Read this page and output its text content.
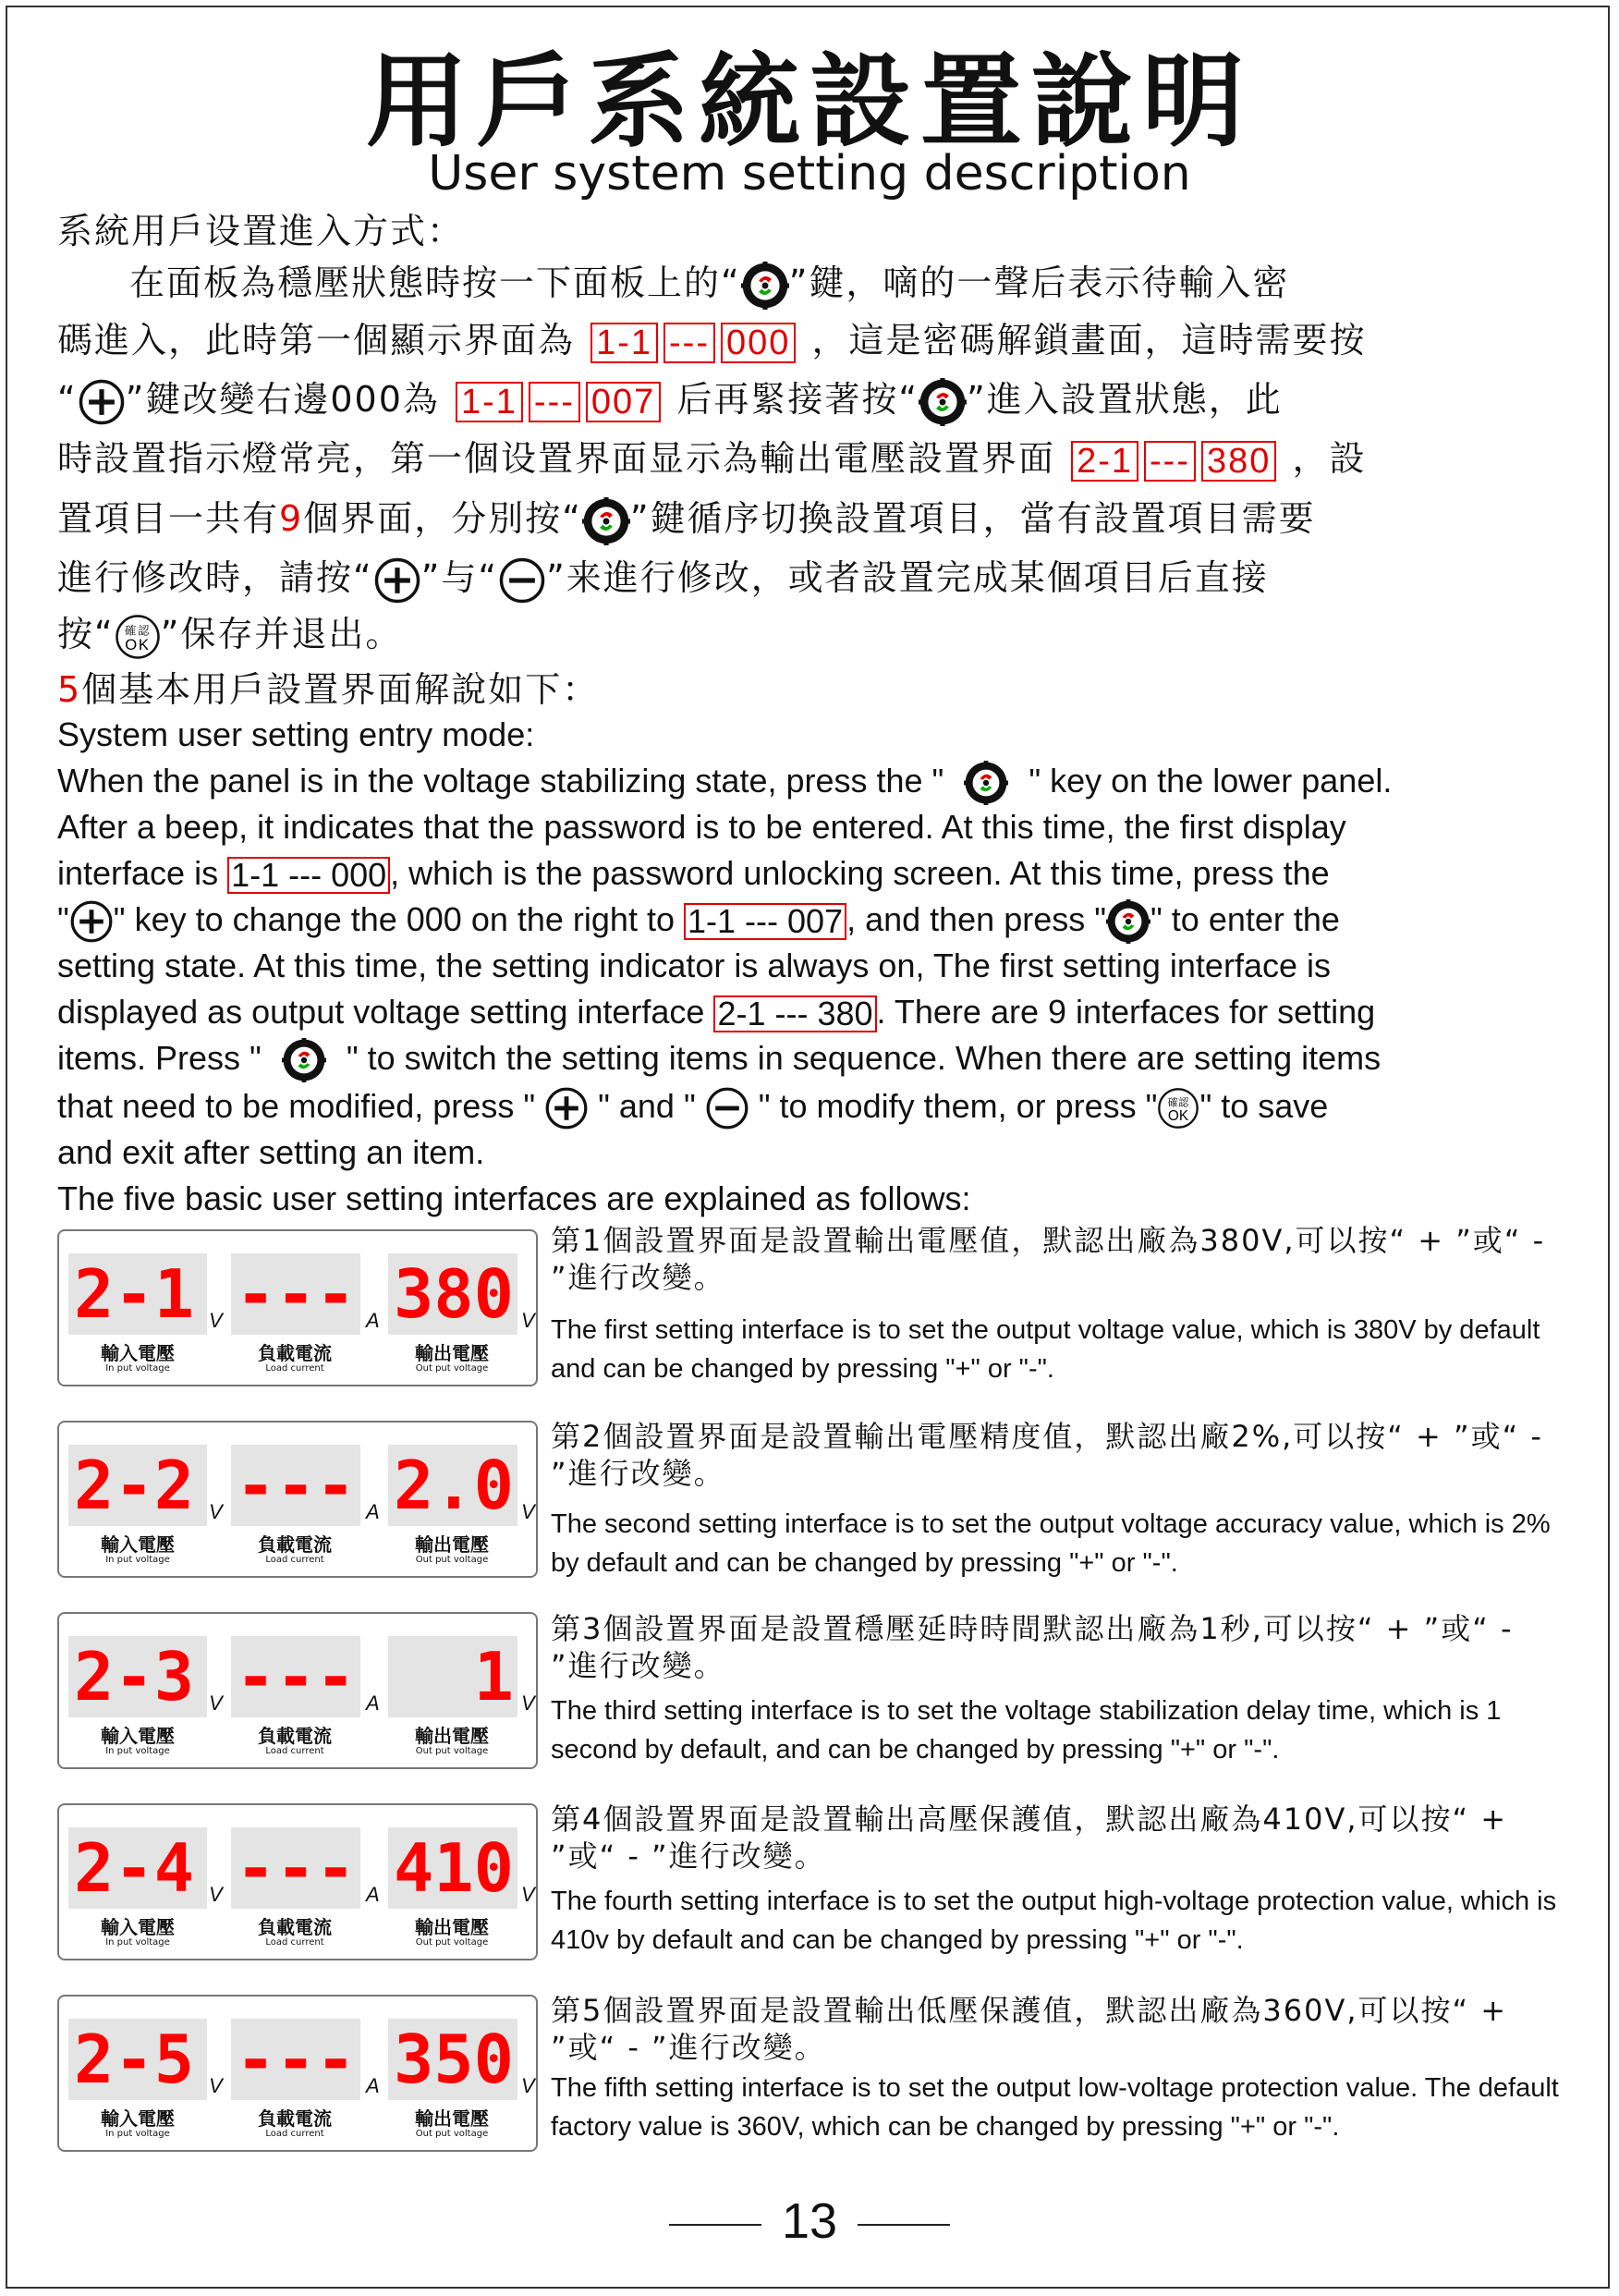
用戶系統設置說明
User system setting description
系統用戶设置進入方式：
在面板為穩壓狀態時按一下面板上的“ ”鍵，嘀的一聲后表示待輸入密
碼進入，此時第一個顯示界面為 1-1 --- 000 ，這是密碼解鎖畫面，這時需要按
“ ”鍵改變右邊000為 1-1 --- 007 后再緊接著按“ ”進入設置狀態，此
時設置指示燈常亮，第一個设置界面显示為輸出電壓設置界面 2-1 --- 380 ，設
置項目一共有9個界面，分別按“ ”鍵循序切換設置項目，當有設置項目需要
進行修改時，請按“ ”与“ ”来進行修改，或者設置完成某個項目后直接
按“ 確認
OK ”保存并退出。
5個基本用戶設置界面解說如下：
System user setting entry mode:
When the panel is in the voltage stabilizing state, press the "	" key on the lower panel.
After a beep, it indicates that the password is to be entered. At this time, the first display
interface is 1-1 --- 000 , which is the password unlocking screen. At this time, press the
" " key to change the 000 on the right to 1-1 --- 007 , and then press " " to enter the
setting state. At this time, the setting indicator is always on, The first setting interface is
displayed as output voltage setting interface 2-1 --- 380 . There are 9 interfaces for setting
items. Press "	" to switch the setting items in sequence. When there are setting items
that need to be modified, press " " and " " to modify them, or press " 確認
OK " to save
and exit after setting an item.
The five basic user setting interfaces are explained as follows:
2-1 --- 380
V	A	V
輸入電壓	負載電流	輸出電壓
In put voltage	Load current	Out put voltage
第1個設置界面是設置輸出電壓值，默認出廠為380V,可以按“ + ”或“ - ”進行改變。
The first setting interface is to set the output voltage value, which is 380V by default and can be changed by pressing "+" or "-".
2-2 --- 2.0
V	A	V
輸入電壓	負載電流	輸出電壓
In put voltage	Load current	Out put voltage
第2個設置界面是設置輸出電壓精度值，默認出廠2%,可以按“ + ”或“ - ”進行改變。
The second setting interface is to set the output voltage accuracy value, which is 2% by default and can be changed by pressing "+" or "-".
2-3 ---	1
V	A	V
輸入電壓	負載電流	輸出電壓
In put voltage	Load current	Out put voltage
第3個設置界面是設置穩壓延時時間默認出廠為1秒,可以按“ + ”或“ - ”進行改變。
The third setting interface is to set the voltage stabilization delay time, which is 1 second by default, and can be changed by pressing "+" or "-".
2-4 --- 410
V	A	V
輸入電壓	負載電流	輸出電壓
In put voltage	Load current	Out put voltage
第4個設置界面是設置輸出高壓保護值，默認出廠為410V,可以按“ + ”或“ - ”進行改變。
The fourth setting interface is to set the output high-voltage protection value, which is 410v by default and can be changed by pressing "+" or "-".
2-5 --- 350
V	A	V
輸入電壓	負載電流	輸出電壓
In put voltage	Load current	Out put voltage
第5個設置界面是設置輸出低壓保護值，默認出廠為360V,可以按“ + ”或“ - ”進行改變。
The fifth setting interface is to set the output low-voltage protection value. The default factory value is 360V, which can be changed by pressing "+" or "-".
13
